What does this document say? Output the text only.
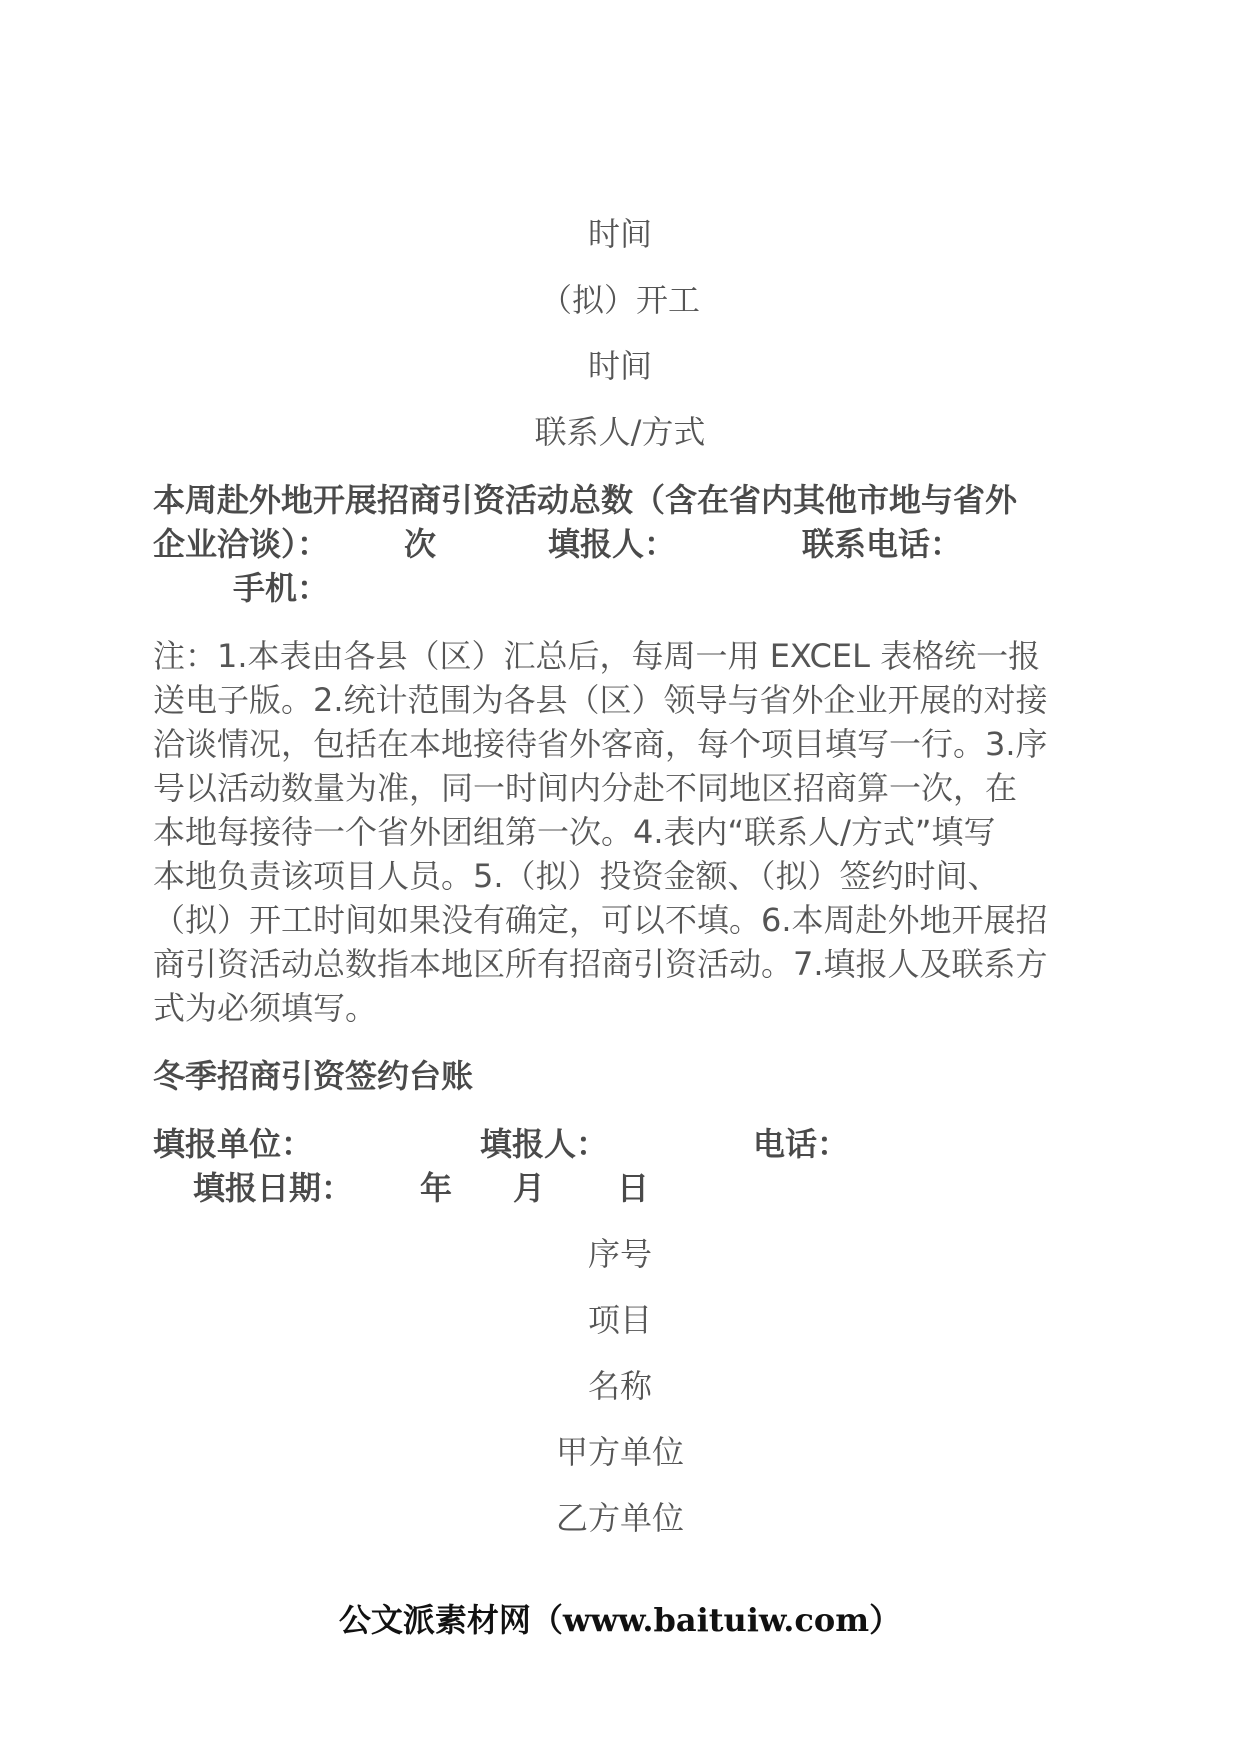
时间
（拟）开工
时间
联系人/方式
本周赴外地开展招商引资活动总数（含在省内其他市地与省外
企业洽谈）： 次	填报人：	联系电话：
手机：
注：1.本表由各县（区）汇总后，每周一用 EXCEL 表格统一报
送电子版。2.统计范围为各县（区）领导与省外企业开展的对接
洽谈情况，包括在本地接待省外客商，每个项目填写一行。3.序
号以活动数量为准，同一时间内分赴不同地区招商算一次，在
本地每接待一个省外团组第一次。4.表内“联系人/方式”填写
本地负责该项目人员。5.（拟）投资金额、（拟）签约时间、
（拟）开工时间如果没有确定，可以不填。6.本周赴外地开展招
商引资活动总数指本地区所有招商引资活动。7.填报人及联系方
式为必须填写。
冬季招商引资签约台账
填报单位：	填报人：	电话：
填报日期： 年 月 日
序号
项目
名称
甲方单位
乙方单位
公文派素材网（www.baituiw.com）
